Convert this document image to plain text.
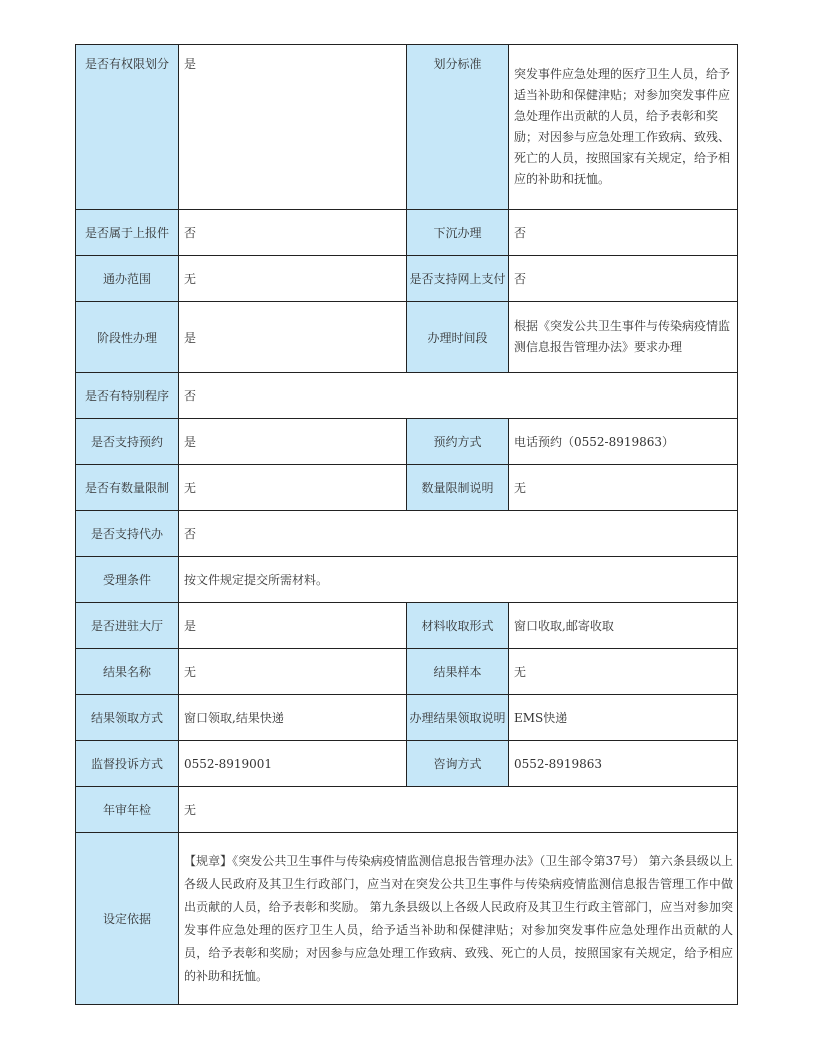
是否有权限划分	是	划分标准	突发事件应急处理的医疗卫生人员，给予适当补助和保健津贴；对参加突发事件应急处理作出贡献的人员，给予表彰和奖励；对因参与应急处理工作致病、致残、死亡的人员，按照国家有关规定，给予相应的补助和抚恤。
是否属于上报件	否	下沉办理	否
通办范围	无	是否支持网上支付	否
阶段性办理	是	办理时间段	根据《突发公共卫生事件与传染病疫情监测信息报告管理办法》要求办理
是否有特别程序	否		
是否支持预约	是	预约方式	电话预约（0552-8919863）
是否有数量限制	无	数量限制说明	无
是否支持代办	否		
受理条件	按文件规定提交所需材料。		
是否进驻大厅	是	材料收取形式	窗口收取,邮寄收取
结果名称	无	结果样本	无
结果领取方式	窗口领取,结果快递	办理结果领取说明	EMS快递
监督投诉方式	0552-8919001	咨询方式	0552-8919863
年审年检	无		
设定依据	【规章】《突发公共卫生事件与传染病疫情监测信息报告管理办法》（卫生部令第37号） 第六条县级以上各级人民政府及其卫生行政部门，应当对在突发公共卫生事件与传染病疫情监测信息报告管理工作中做出贡献的人员，给予表彰和奖励。 第九条县级以上各级人民政府及其卫生行政主管部门，应当对参加突发事件应急处理的医疗卫生人员，给予适当补助和保健津贴；对参加突发事件应急处理作出贡献的人员，给予表彰和奖励；对因参与应急处理工作致病、致残、死亡的人员，按照国家有关规定，给予相应的补助和抚恤。		
